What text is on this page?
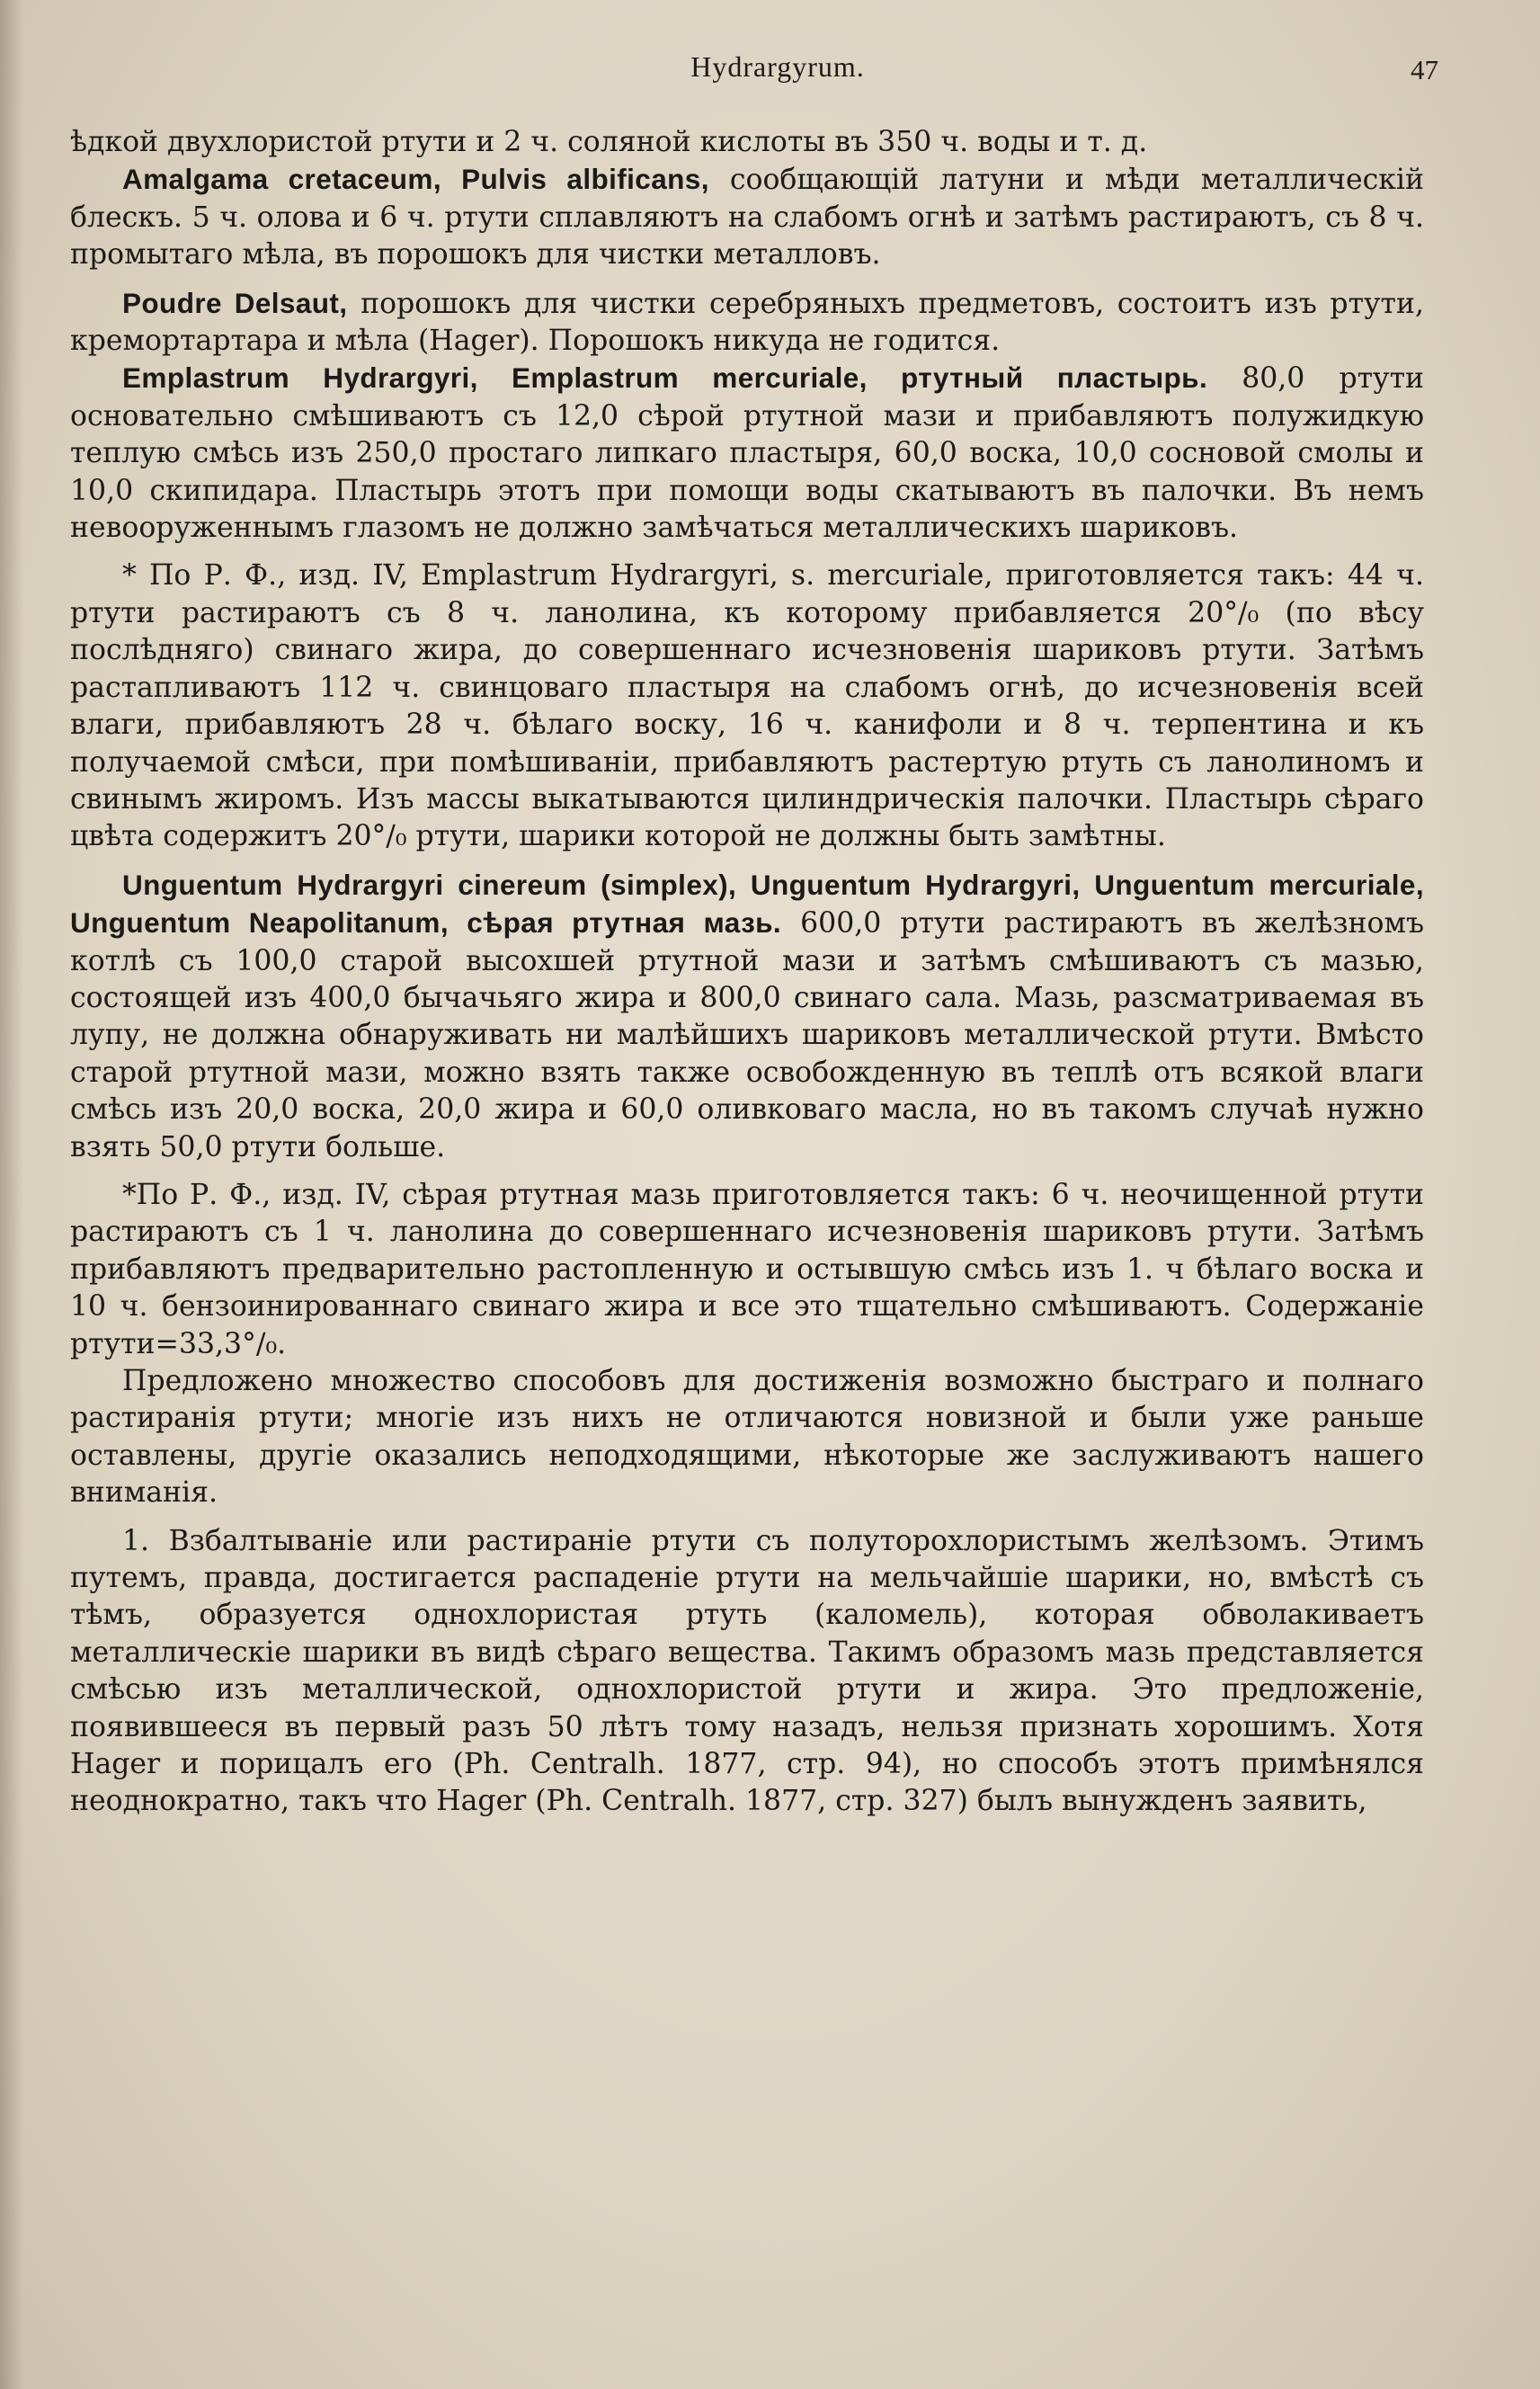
Hydrargyrum.	47

ѣдкой двухлористой ртути и 2 ч. соляной кислоты въ 350 ч. воды и т. д.

Amalgama cretaceum, Pulvis albificans, сообщающій латуни и мѣди металлическій блескъ. 5 ч. олова и 6 ч. ртути сплавляютъ на слабомъ огнѣ и затѣмъ растираютъ, съ 8 ч. промытаго мѣла, въ порошокъ для чистки металловъ.

Poudre Delsaut, порошокъ для чистки серебряныхъ предметовъ, состоитъ изъ ртути, кремортартара и мѣла (Hager). Порошокъ никуда не годится.

Emplastrum Hydrargyri, Emplastrum mercuriale, ртутный пластырь. 80,0 ртути основательно смѣшиваютъ съ 12,0 сѣрой ртутной мази и прибавляютъ полужидкую теплую смѣсь изъ 250,0 простаго липкаго пластыря, 60,0 воска, 10,0 сосновой смолы и 10,0 скипидара. Пластырь этотъ при помощи воды скатываютъ въ палочки. Въ немъ невооруженнымъ глазомъ не должно замѣчаться металлическихъ шариковъ.

* По Р. Ф., изд. IV, Emplastrum Hydrargyri, s. mercuriale, приготовляется такъ: 44 ч. ртути растираютъ съ 8 ч. ланолина, къ которому прибавляется 20°/₀ (по вѣсу послѣдняго) свинаго жира, до совершеннаго исчезновенія шариковъ ртути. Затѣмъ растапливаютъ 112 ч. свинцоваго пластыря на слабомъ огнѣ, до исчезновенія всей влаги, прибавляютъ 28 ч. бѣлаго воску, 16 ч. канифоли и 8 ч. терпентина и къ получаемой смѣси, при помѣшиваніи, прибавляютъ растертую ртуть съ ланолиномъ и свинымъ жиромъ. Изъ массы выкатываются цилиндрическія палочки. Пластырь сѣраго цвѣта содержитъ 20°/₀ ртути, шарики которой не должны быть замѣтны.

Unguentum Hydrargyri cinereum (simplex), Unguentum Hydrargyri, Unguentum mercuriale, Unguentum Neapolitanum, сѣрая ртутная мазь. 600,0 ртути растираютъ въ желѣзномъ котлѣ съ 100,0 старой высохшей ртутной мази и затѣмъ смѣшиваютъ съ мазью, состоящей изъ 400,0 бычачьяго жира и 800,0 свинаго сала. Мазь, разсматриваемая въ лупу, не должна обнаруживать ни малѣйшихъ шариковъ металлической ртути. Вмѣсто старой ртутной мази, можно взять также освобожденную въ теплѣ отъ всякой влаги смѣсь изъ 20,0 воска, 20,0 жира и 60,0 оливковаго масла, но въ такомъ случаѣ нужно взять 50,0 ртути больше.

*По Р. Ф., изд. IV, сѣрая ртутная мазь приготовляется такъ: 6 ч. неочищенной ртути растираютъ съ 1 ч. ланолина до совершеннаго исчезновенія шариковъ ртути. Затѣмъ прибавляютъ предварительно растопленную и остывшую смѣсь изъ 1. ч бѣлаго воска и 10 ч. бензоинированнаго свинаго жира и все это тщательно смѣшиваютъ. Содержаніе ртути=33,3°/₀.

Предложено множество способовъ для достиженія возможно быстраго и полнаго растиранія ртути; многіе изъ нихъ не отличаются новизной и были уже раньше оставлены, другіе оказались неподходящими, нѣкоторые же заслуживаютъ нашего вниманія.

1. Взбалтываніе или растираніе ртути съ полуторохлористымъ желѣзомъ. Этимъ путемъ, правда, достигается распаденіе ртути на мельчайшіе шарики, но, вмѣстѣ съ тѣмъ, образуется однохлористая ртуть (каломель), которая обволакиваетъ металлическіе шарики въ видѣ сѣраго вещества. Такимъ образомъ мазь представляется смѣсью изъ металлической, однохлористой ртути и жира. Это предложеніе, появившееся въ первый разъ 50 лѣтъ тому назадъ, нельзя признать хорошимъ. Хотя Hager и порицалъ его (Ph. Centralh. 1877, стр. 94), но способъ этотъ примѣнялся неоднократно, такъ что Hager (Ph. Centralh. 1877, стр. 327) былъ вынужденъ заявить,
